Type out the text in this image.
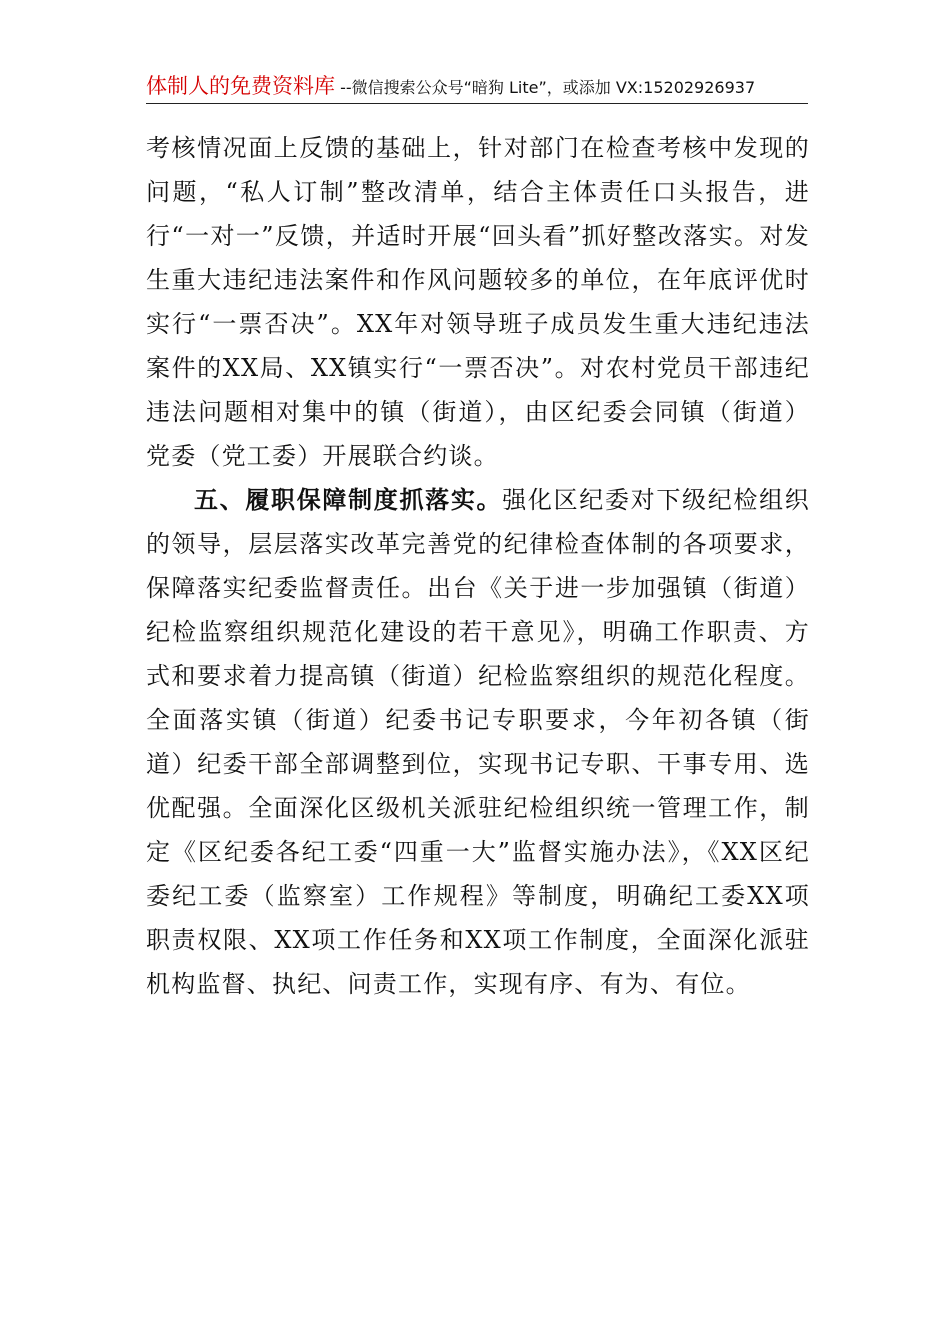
体制人的免费资料库 --微信搜索公众号“暗狗 Lite”，或添加 VX:15202926937

考核情况面上反馈的基础上，针对部门在检查考核中发现的问题，“私人订制”整改清单，结合主体责任口头报告，进行“一对一”反馈，并适时开展“回头看”抓好整改落实。对发生重大违纪违法案件和作风问题较多的单位，在年底评优时实行“一票否决”。XX年对领导班子成员发生重大违纪违法案件的XX局、XX镇实行“一票否决”。对农村党员干部违纪违法问题相对集中的镇（街道），由区纪委会同镇（街道）党委（党工委）开展联合约谈。

五、履职保障制度抓落实。强化区纪委对下级纪检组织的领导，层层落实改革完善党的纪律检查体制的各项要求，保障落实纪委监督责任。出台《关于进一步加强镇（街道）纪检监察组织规范化建设的若干意见》，明确工作职责、方式和要求着力提高镇（街道）纪检监察组织的规范化程度。全面落实镇（街道）纪委书记专职要求，今年初各镇（街道）纪委干部全部调整到位，实现书记专职、干事专用、选优配强。全面深化区级机关派驻纪检组织统一管理工作，制定《区纪委各纪工委“四重一大”监督实施办法》，《XX区纪委纪工委（监察室）工作规程》等制度，明确纪工委XX项职责权限、XX项工作任务和XX项工作制度，全面深化派驻机构监督、执纪、问责工作，实现有序、有为、有位。
